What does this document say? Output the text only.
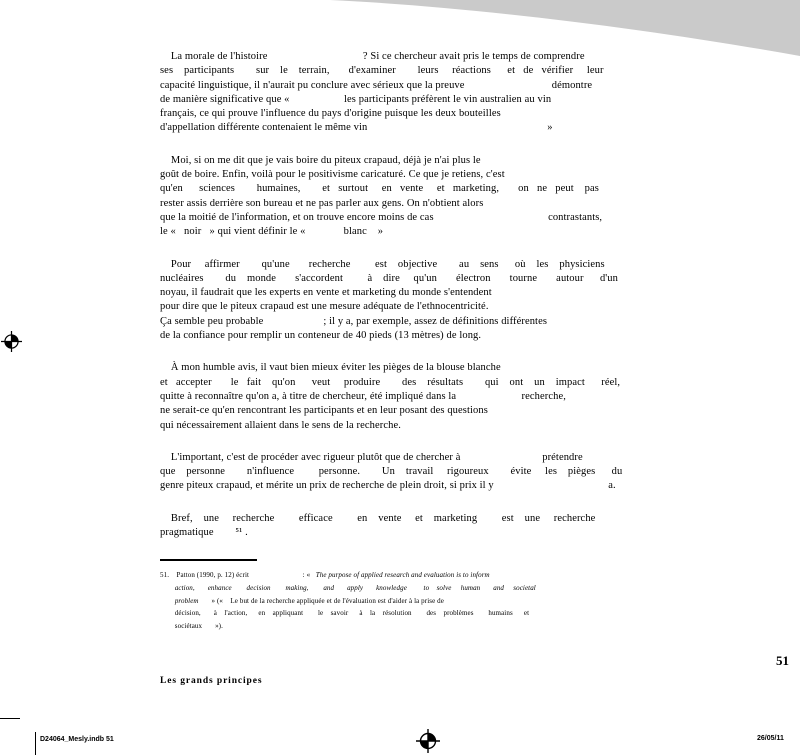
La morale de l'histoire                                   ? Si ce chercheur avait pris le temps de comprendre
ses    participants        sur    le    terrain,       d'examiner        leurs     réactions      et   de   vérifier     leur
capacité linguistique, il n'aurait pu conclure avec sérieux que la preuve                                démontre
de manière significative que «                    les participants préfèrent le vin australien au vin
français, ce qui prouve l'influence du pays d'origine puisque les deux bouteilles
d'appellation différente contenaient le même vin                                                                  »
Moi, si on me dit que je vais boire du piteux crapaud, déjà je n'ai plus le
goût de boire. Enfin, voilà pour le positivisme caricaturé. Ce que je retiens, c'est
qu'en      sciences        humaines,        et   surtout     en   vente     et   marketing,       on   ne   peut    pas
rester assis derrière son bureau et ne pas parler aux gens. On n'obtient alors
que la moitié de l'information, et on trouve encore moins de cas                                          contrastants,
le «   noir   » qui vient définir le «              blanc    »
Pour     affirmer        qu'une       recherche         est    objective        au    sens      où    les    physiciens
nucléaires        du    monde       s'accordent         à    dire     qu'un       électron       tourne       autour      d'un
noyau, il faudrait que les experts en vente et marketing du monde s'entendent
pour dire que le piteux crapaud est une mesure adéquate de l'ethnocentricité.
Ça semble peu probable                      ; il y a, par exemple, assez de définitions différentes
de la confiance pour remplir un conteneur de 40 pieds (13 mètres) de long.
À mon humble avis, il vaut bien mieux éviter les pièges de la blouse blanche
et   accepter       le   fait    qu'on      veut     produire        des    résultats        qui    ont    un    impact      réel,
quitte à reconnaître qu'on a, à titre de chercheur, été impliqué dans la                        recherche,
ne serait-ce qu'en rencontrant les participants et en leur posant des questions
qui nécessairement allaient dans le sens de la recherche.
L'important, c'est de procéder avec rigueur plutôt que de chercher à                              prétendre
que    personne        n'influence         personne.        Un    travail     rigoureux        évite     les    pièges      du
genre piteux crapaud, et mérite un prix de recherche de plein droit, si prix il y                                          a.
Bref,    une     recherche         efficace         en    vente     et    marketing         est    une     recherche
pragmatique        ⁵¹ .
51.    Patton (1990, p. 12) écrit                             : «   The purpose of applied research and evaluation is to inform
action,       enhance        decision        making,        and       apply       knowledge         to    solve     human       and     societal
problem       » («    Le but de la recherche appliquée et de l'évaluation est d'aider à la prise de
décision,       à    l'action,      en    appliquant        le    savoir      à    la    résolution        des    problèmes        humains      et
sociétaux       »).
Les grands principes
51
D24064_Mesly.indb 51	26/05/11
